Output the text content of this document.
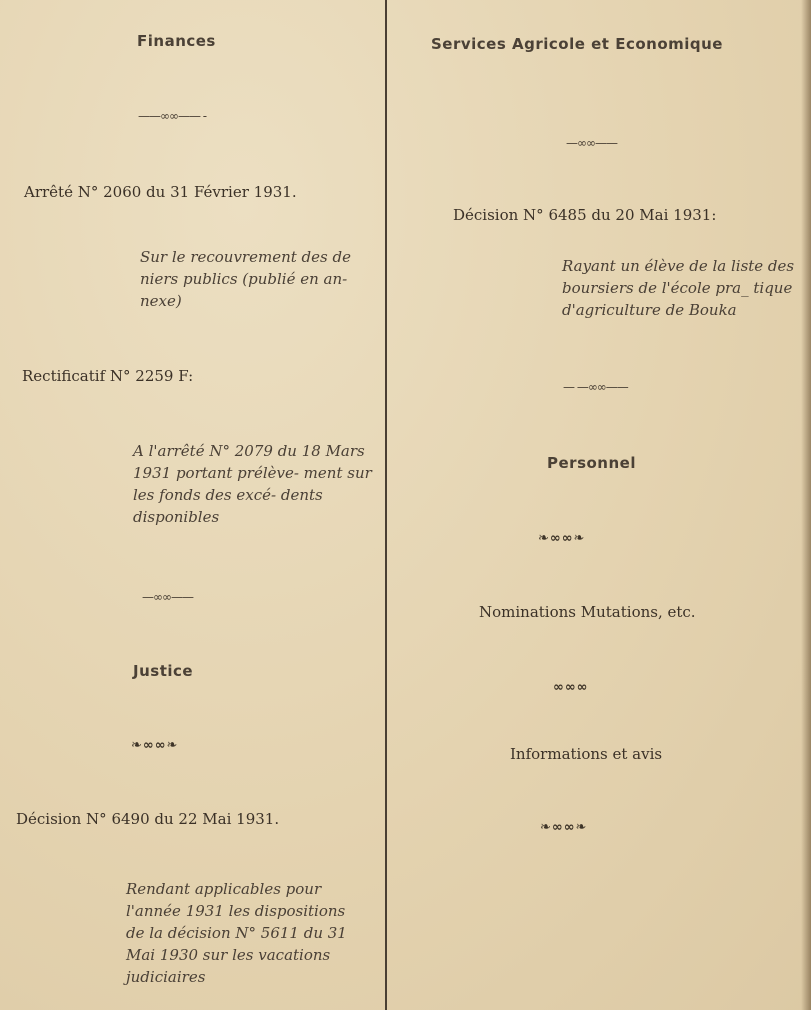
Finances
——∞∞—— -
Arrêté N° 2060 du 31 Février 1931.
Sur le recouvrement des de niers publics (publié en an- nexe)
Rectificatif N° 2259 F:
A l'arrêté N° 2079 du 18 Mars 1931 portant prélève- ment sur les fonds des excé- dents disponibles
—∞∞——
Justice
❧∞∞❧
Décision N° 6490 du 22 Mai 1931.
Rendant applicables pour l'année 1931 les dispositions de la décision N° 5611 du 31 Mai 1930 sur les vacations judiciaires
Services Agricole et Economique
—∞∞——
Décision N° 6485 du 20 Mai 1931:
Rayant un élève de la liste des boursiers de l'école pra_ tique d'agriculture de Bouka
— —∞∞——
Personnel
❧∞∞❧
Nominations Mutations, etc.
∞∞∞
Informations et avis
❧∞∞❧
